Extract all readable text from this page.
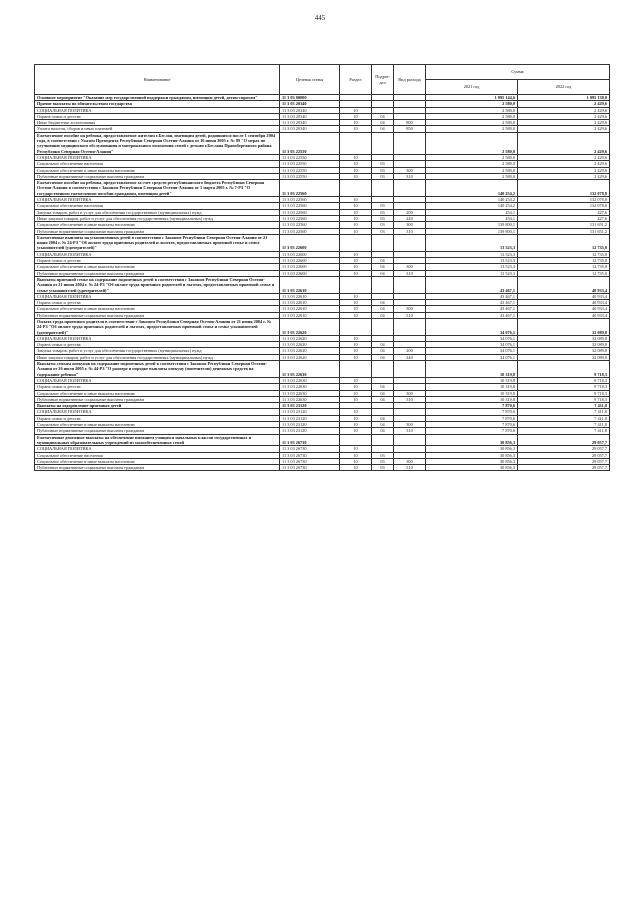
445
Наименование	Целевая статья	Раздел	Подраз-дел	Вид расхода	Сумма	
					2021 год	2022 год
Основное мероприятие "Оказание мер государственной поддержки гражданам, имеющим детей, детям-сиротам"	11 3 03 00000				1 095 144,6	1 095 138,0
Прочие выплаты по обязательствам государства	11 3 03 20340				2 580,0	2 429,6
СОЦИАЛЬНАЯ ПОЛИТИКА	11 3 03 20340	10			2 580,0	2 429,6
Охрана семьи и детства	11 3 03 20340	10	04		2 580,0	2 429,6
Иные бюджетные ассигнования	11 3 03 20340	10	04	800	2 580,0	2 429,6
Уплата налогов, сборов и иных платежей	11 3 03 20340	10	04	850	2 580,0	2 429,6
Ежемесячное пособие на ребенка, предоставляемое жителям г.Беслан, имеющим детей, родившихся после 1 сентября 2004 года, в соответствии с Указом Президента Республики Северная Осетия-Алания от 16 июня 2005 г. № 89 "О мерах по улучшению медицинского обслуживания и материального положения семей с детьми г.Беслана Правобережного района Республики Северная Осетия-Алания"	11 3 03 22550				2 580,0	2 429,6
СОЦИАЛЬНАЯ ПОЛИТИКА	11 3 03 22550	10			2 580,0	2 429,6
Социальное обеспечение населения	11 3 03 22550	10	03		2 580,0	2 429,6
Социальное обеспечение и иные выплаты населению	11 3 03 22550	10	03	300	2 580,0	2 429,6
Публичные нормативные социальные выплаты гражданам	11 3 03 22550	10	03	310	2 580,0	2 429,6
Ежемесячное пособие на ребенка, предоставляемое за счет средств республиканского бюджета Республики Северная Осетия-Алания в соответствии с Законом Республики Северная Осетия-Алания от 1 марта 2005 г. № 7-РЗ "О государственном ежемесячном пособии гражданам, имеющим детей"	11 3 03 22560				140 254,2	132 078,8
СОЦИАЛЬНАЯ ПОЛИТИКА	11 3 03 22560	10			140 254,2	132 078,8
Социальное обеспечение населения	11 3 03 22560	10	03		140 254,2	132 078,8
Закупка товаров, работ и услуг для обеспечения государственных (муниципальных) нужд	11 3 03 22560	10	03	200	454,1	427,6
Иные закупки товаров, работ и услуг для обеспечения государственных (муниципальных) нужд	11 3 03 22560	10	03	240	454,1	427,6
Социальное обеспечение и иные выплаты населению	11 3 03 22560	10	03	300	139 800,1	131 651,2
Публичные нормативные социальные выплаты гражданам	11 3 03 22560	10	03	310	139 800,1	131 651,2
Ежемесячные выплаты на усыновленных детей в соответствии с Законом Республики Северная Осетия-Алания от 21 июня 2004 г. № 24-РЗ "Об оплате труда приемных родителей и льготах, предоставляемых приемной семье и семье усыновителей (удочерителей)"	11 3 03 22600				13 523,3	12 735,0
СОЦИАЛЬНАЯ ПОЛИТИКА	11 3 03 22600	10			13 523,3	12 735,0
Охрана семьи и детства	11 3 03 22600	10	04		13 523,3	12 735,0
Социальное обеспечение и иные выплаты населению	11 3 03 22600	10	04	300	13 523,3	12 735,0
Публичные нормативные социальные выплаты гражданам	11 3 03 22600	10	04	310	13 523,3	12 735,0
Выплаты приемной семье на содержание подопечных детей в соответствии с Законом Республики Северная Осетия-Алания от 21 июня 2004 г. № 24-РЗ "Об оплате труда приемных родителей и льготах, предоставляемых приемной семье и семье усыновителей (удочерителей)"	11 3 03 22610				43 467,1	40 933,4
СОЦИАЛЬНАЯ ПОЛИТИКА	11 3 03 22610	10			43 467,1	40 933,4
Охрана семьи и детства	11 3 03 22610	10	04		43 467,1	40 933,4
Социальное обеспечение и иные выплаты населению	11 3 03 22610	10	04	300	43 467,1	40 933,4
Публичные нормативные социальные выплаты гражданам	11 3 03 22610	10	04	310	43 467,1	40 933,4
Оплата труда приемного родителя в соответствии с Законом Республики Северная Осетия-Алания от 21 июня 2004 г. № 24-РЗ "Об оплате труда приемных родителей и льготах, предоставляемых приемной семье и семье усыновителей (удочерителей)"	11 3 03 22620				34 076,1	32 089,8
СОЦИАЛЬНАЯ ПОЛИТИКА	11 3 03 22620	10			34 076,1	32 089,8
Охрана семьи и детства	11 3 03 22620	10	04		34 076,1	32 089,8
Закупка товаров, работ и услуг для обеспечения государственных (муниципальных) нужд	11 3 03 22620	10	04	200	34 076,1	32 089,8
Иные закупки товаров, работ и услуг для обеспечения государственных (муниципальных) нужд	11 3 03 22620	10	04	240	34 076,1	32 089,8
Выплаты семьям опекунов на содержание подопечных детей в соответствии с Законом Республики Северная Осетия-Алания от 26 июля 2005 г. № 44-РЗ "О размере и порядке выплаты опекуну (попечителю) денежных средств на содержание ребенка"	11 3 03 22630				10 319,8	9 718,3
СОЦИАЛЬНАЯ ПОЛИТИКА	11 3 03 22630	10			10 319,8	9 718,3
Охрана семьи и детства	11 3 03 22630	10	04		10 319,8	9 718,3
Социальное обеспечение и иные выплаты населению	11 3 03 22630	10	04	300	10 319,8	9 718,3
Публичные нормативные социальные выплаты гражданам	11 3 03 22630	10	04	310	10 319,8	9 718,3
Выплаты на оздоровление приемных детей	11 3 03 23120				7 870,6	7 411,8
СОЦИАЛЬНАЯ ПОЛИТИКА	11 3 03 23120	10			7 870,6	7 411,8
Охрана семьи и детства	11 3 03 23120	10	04		7 870,6	7 411,8
Социальное обеспечение и иные выплаты населению	11 3 03 23120	10	04	300	7 870,6	7 411,8
Публичные нормативные социальные выплаты гражданам	11 3 03 23120	10	04	310	7 870,6	7 411,8
Ежемесячные денежные выплаты на обеспечение питанием учащихся начальных классов государственных и муниципальных образовательных учреждений из малообеспеченных семей	11 3 03 26730				30 856,3	29 057,7
СОЦИАЛЬНАЯ ПОЛИТИКА	11 3 03 26730	10			30 856,3	29 057,7
Социальное обеспечение населения	11 3 03 26730	10	03		30 856,3	29 057,7
Социальное обеспечение и иные выплаты населению	11 3 03 26730	10	03	300	30 856,3	29 057,7
Публичные нормативные социальные выплаты гражданам	11 3 03 26730	10	03	310	30 856,3	29 057,7
